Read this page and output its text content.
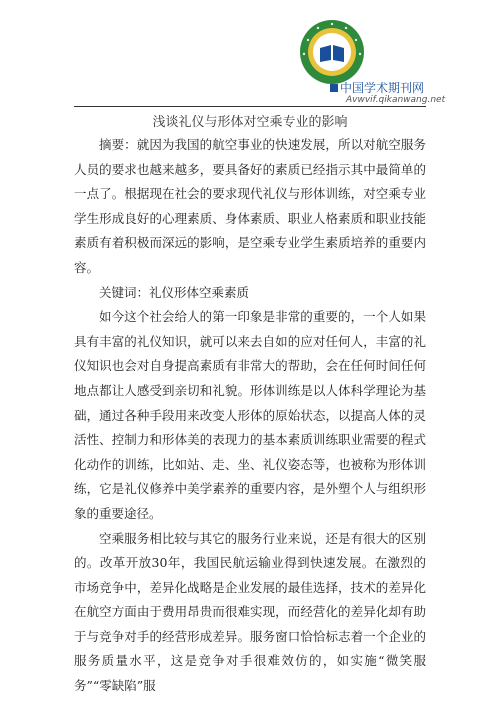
中国学术期刊网
Avwvif.qikanwang.net
浅谈礼仪与形体对空乘专业的影响

摘要：就因为我国的航空事业的快速发展，所以对航空服务人员的要求也越来越多，要具备好的素质已经指示其中最简单的一点了。根据现在社会的要求现代礼仪与形体训练，对空乘专业学生形成良好的心理素质、身体素质、职业人格素质和职业技能素质有着积极而深远的影响，是空乘专业学生素质培养的重要内容。

关键词：礼仪形体空乘素质

如今这个社会给人的第一印象是非常的重要的，一个人如果具有丰富的礼仪知识，就可以来去自如的应对任何人，丰富的礼仪知识也会对自身提高素质有非常大的帮助，会在任何时间任何地点都让人感受到亲切和礼貌。形体训练是以人体科学理论为基础，通过各种手段用来改变人形体的原始状态，以提高人体的灵活性、控制力和形体美的表现力的基本素质训练职业需要的程式化动作的训练，比如站、走、坐、礼仪姿态等，也被称为形体训练，它是礼仪修养中美学素养的重要内容，是外塑个人与组织形象的重要途径。

空乘服务相比较与其它的服务行业来说，还是有很大的区别的。改革开放30年，我国民航运输业得到快速发展。在激烈的市场竞争中，差异化战略是企业发展的最佳选择，技术的差异化在航空方面由于费用昂贵而很难实现，而经营化的差异化却有助于与竞争对手的经营形成差异。服务窗口恰恰标志着一个企业的服务质量水平，这是竞争对手很难效仿的，如实施“微笑服务”“零缺陷”服
